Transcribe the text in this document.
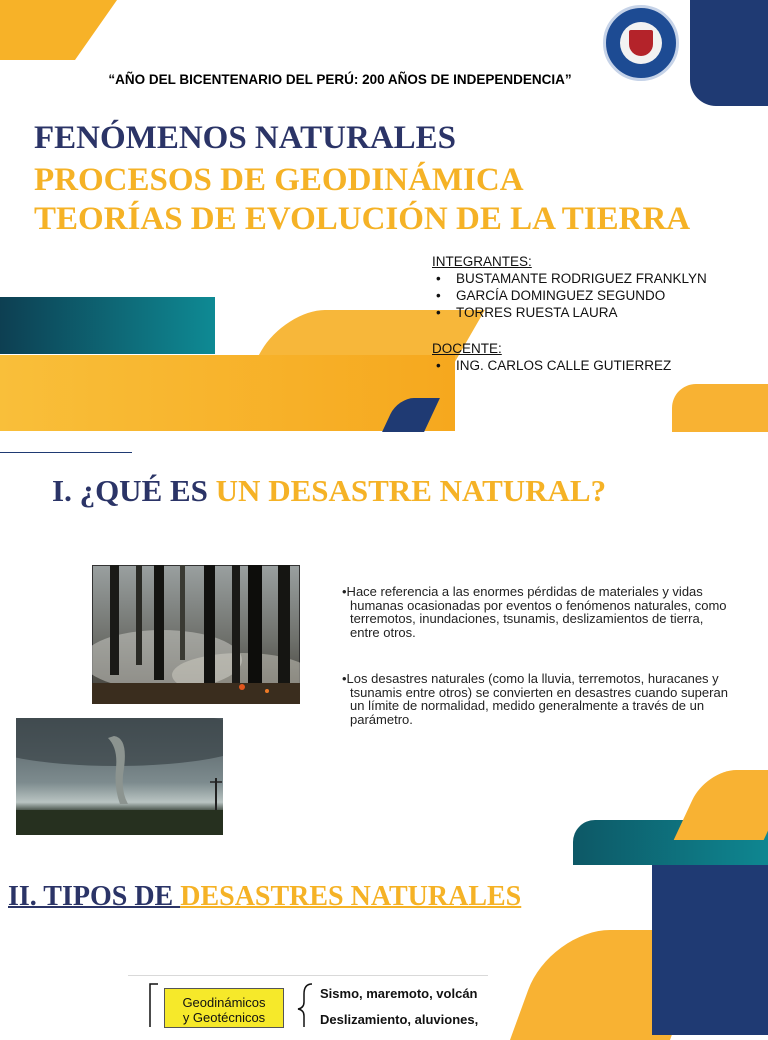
“AÑO DEL BICENTENARIO DEL PERÚ: 200 AÑOS DE INDEPENDENCIA”
FENÓMENOS NATURALES
PROCESOS DE GEODINÁMICA
TEORÍAS DE EVOLUCIÓN DE LA TIERRA
INTEGRANTES:
• BUSTAMANTE RODRIGUEZ FRANKLYN
• GARCÍA DOMINGUEZ SEGUNDO
• TORRES RUESTA LAURA
DOCENTE:
• ING. CARLOS CALLE GUTIERREZ
I. ¿QUÉ ES UN DESASTRE NATURAL?

•Hace referencia a las enormes pérdidas de materiales y vidas humanas ocasionadas por eventos o fenómenos naturales, como terremotos, inundaciones, tsunamis, deslizamientos de tierra, entre otros.

•Los desastres naturales (como la lluvia, terremotos, huracanes y tsunamis entre otros) se convierten en desastres cuando superan un límite de normalidad, medido generalmente a través de un parámetro.

II. TIPOS DE DESASTRES NATURALES
Geodinámicos
y Geotécnicos
Sismo, maremoto, volcán
Deslizamiento, aluviones,
